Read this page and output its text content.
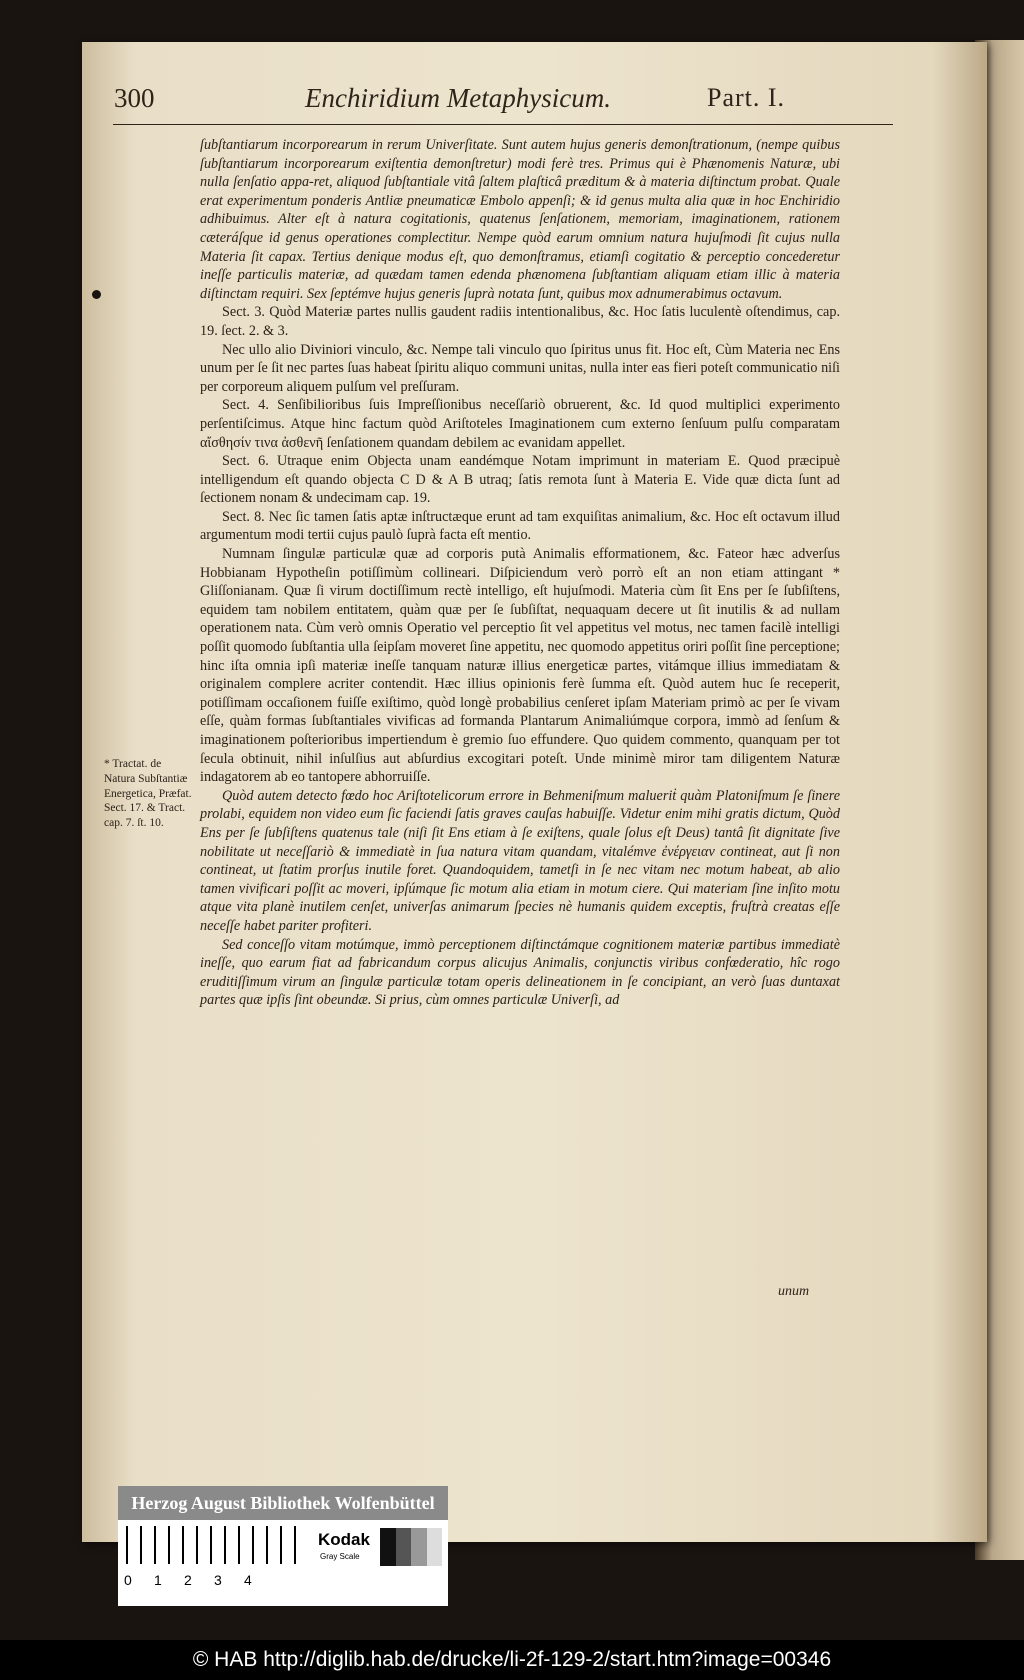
300	Enchiridium Metaphysicum.	Part. I.

ſubſtantiarum incorporearum in rerum Univerſitate. Sunt autem hujus generis demonſtrationum, (nempe quibus ſubſtantiarum incorporearum exiſtentia demonſtretur) modi ferè tres. Primus qui è Phænomenis Naturæ, ubi nulla ſenſatio appa-ret, aliquod ſubſtantiale vitâ ſaltem plaſticâ præditum & à materia diſtinctum probat. Quale erat experimentum ponderis Antliæ pneumaticæ Embolo appenſi; & id genus multa alia quæ in hoc Enchiridio adhibuimus. Alter eſt à natura cogitationis, quatenus ſenſationem, memoriam, imaginationem, rationem cæteráſque id genus operationes complectitur. Nempe quòd earum omnium natura hujuſmodi ſit cujus nulla Materia ſit capax. Tertius denique modus eſt, quo demonſtramus, etiamſi cogitatio & perceptio concederetur ineſſe particulis materiæ, ad quædam tamen edenda phænomena ſubſtantiam aliquam etiam illic à materia diſtinctam requiri. Sex ſeptémve hujus generis ſuprà notata ſunt, quibus mox adnumerabimus octavum.

Sect. 3. Quòd Materiæ partes nullis gaudent radiis intentionalibus, &c. Hoc ſatis luculentè oſtendimus, cap. 19. ſect. 2. & 3.

Nec ullo alio Diviniori vinculo, &c. Nempe tali vinculo quo ſpiritus unus fit. Hoc eſt, Cùm Materia nec Ens unum per ſe ſit nec partes ſuas habeat ſpiritu aliquo communi unitas, nulla inter eas fieri poteſt communicatio niſi per corporeum aliquem pulſum vel preſſuram.

Sect. 4. Senſibilioribus ſuis Impreſſionibus neceſſariò obruerent, &c. Id quod multiplici experimento perſentiſcimus. Atque hinc factum quòd Ariſtoteles Imaginationem cum externo ſenſuum pulſu comparatam αἴσθησίν τινα ἀσθενῆ ſenſationem quandam debilem ac evanidam appellet.

Sect. 6. Utraque enim Objecta unam eandémque Notam imprimunt in materiam E. Quod præcipuè intelligendum eſt quando objecta C D & A B utraq; ſatis remota ſunt à Materia E. Vide quæ dicta ſunt ad ſectionem nonam & undecimam cap. 19.

Sect. 8. Nec ſic tamen ſatis aptæ inſtructæque erunt ad tam exquiſitas animalium, &c. Hoc eſt octavum illud argumentum modi tertii cujus paulò ſuprà facta eſt mentio.

Numnam ſingulæ particulæ quæ ad corporis putà Animalis efformationem, &c. Fateor hæc adverſus Hobbianam Hypotheſin potiſſimùm collineari. Diſpiciendum verò porrò eſt an non etiam attingant * Gliſſonianam. Quæ ſi virum doctiſſimum rectè intelligo, eſt hujuſmodi. Materia cùm ſit Ens per ſe ſubſiſtens, equidem tam nobilem entitatem, quàm quæ per ſe ſubſiſtat, nequaquam decere ut ſit inutilis & ad nullam operationem nata. Cùm verò omnis Operatio vel perceptio ſit vel appetitus vel motus, nec tamen facilè intelligi poſſit quomodo ſubſtantia ulla ſeipſam moveret ſine appetitu, nec quomodo appetitus oriri poſſit ſine perceptione; hinc iſta omnia ipſi materiæ ineſſe tanquam naturæ illius energeticæ partes, vitámque illius immediatam & originalem complere acriter contendit. Hæc illius opinionis ferè ſumma eſt. Quòd autem huc ſe receperit, potiſſimam occaſionem fuiſſe exiſtimo, quòd longè probabilius cenſeret ipſam Materiam primò ac per ſe vivam eſſe, quàm formas ſubſtantiales vivificas ad formanda Plantarum Animaliúmque corpora, immò ad ſenſum & imaginationem poſterioribus impertiendum è gremio ſuo effundere. Quo quidem commento, quanquam per tot ſecula obtinuit, nihil inſulſius aut abſurdius excogitari poteſt. Unde minimè miror tam diligentem Naturæ indagatorem ab eo tantopere abhorruiſſe.

Quòd autem detecto fœdo hoc Ariſtotelicorum errore in Behmeniſmum malueriṫ quàm Platoniſmum ſe ſinere prolabi, equidem non video eum ſic faciendi ſatis graves cauſas habuiſſe. Videtur enim mihi gratis dictum, Quòd Ens per ſe ſubſiſtens quatenus tale (niſi ſit Ens etiam à ſe exiſtens, quale ſolus eſt Deus) tantâ ſit dignitate ſive nobilitate ut neceſſariò & immediatè in ſua natura vitam quandam, vitalémve ἐνέργειαν contineat, aut ſi non contineat, ut ſtatim prorſus inutile foret. Quandoquidem, tametſi in ſe nec vitam nec motum habeat, ab alio tamen vivificari poſſit ac moveri, ipſúmque ſic motum alia etiam in motum ciere. Qui materiam ſine inſito motu atque vita planè inutilem cenſet, univerſas animarum ſpecies nè humanis quidem exceptis, fruſtrà creatas eſſe neceſſe habet pariter profiteri.

Sed conceſſo vitam motúmque, immò perceptionem diſtinctámque cognitionem materiæ partibus immediatè ineſſe, quo earum fiat ad fabricandum corpus alicujus Animalis, conjunctis viribus confœderatio, hîc rogo eruditiſſimum virum an ſingulæ particulæ totam operis delineationem in ſe concipiant, an verò ſuas duntaxat partes quæ ipſis ſint obeundæ. Si prius, cùm omnes particulæ Univerſi, ad

unum
* Tractat. de Natura Subſtantiæ Energetica, Præfat. Sect. 17. & Tract. cap. 7. ſt. 10.
Herzog August Bibliothek Wolfenbüttel
Kodak
Gray Scale
0 1 2 3 4
© HAB http://diglib.hab.de/drucke/li-2f-129-2/start.htm?image=00346
